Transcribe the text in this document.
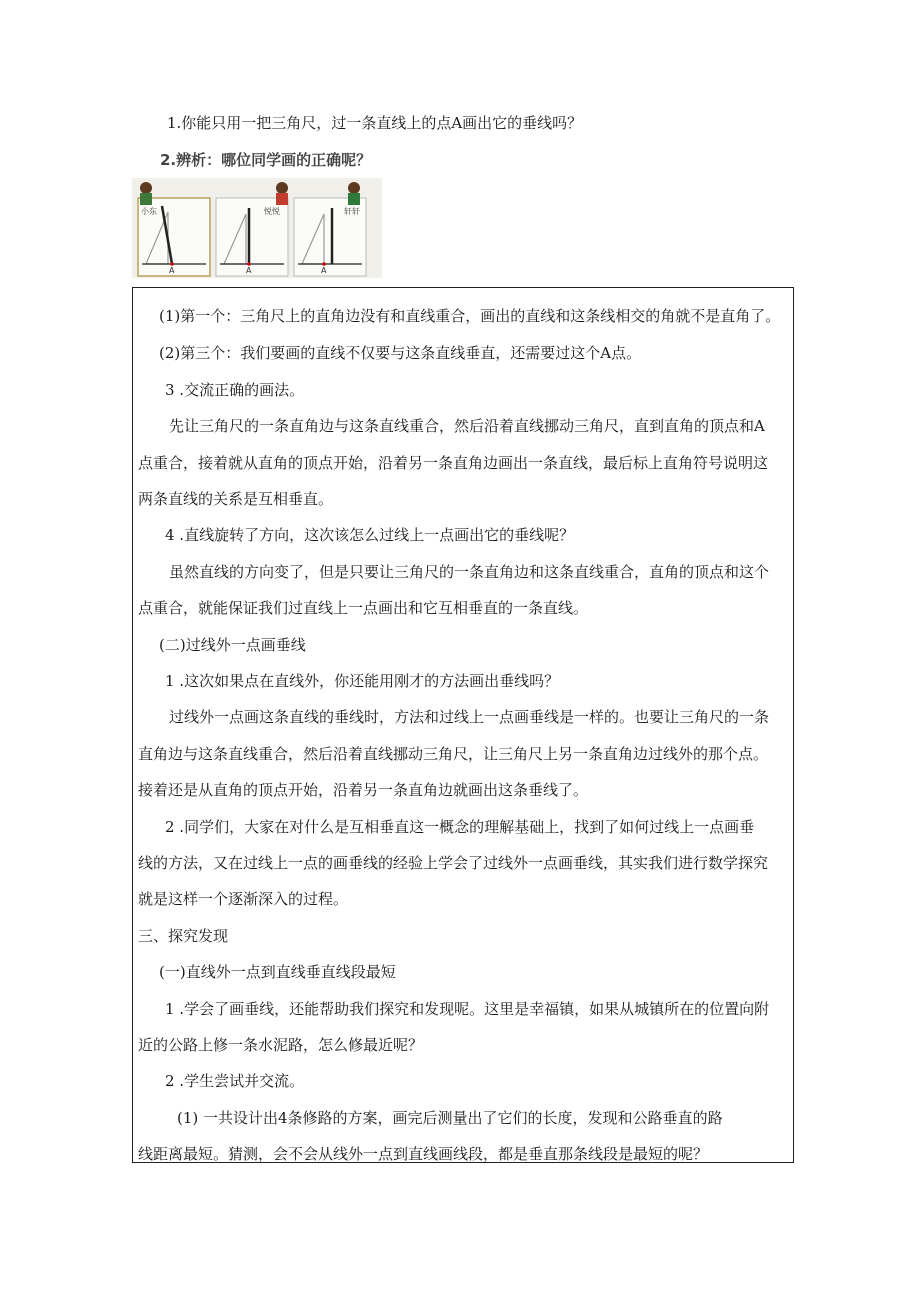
1.你能只用一把三角尺，过一条直线上的点A画出它的垂线吗？
2.辨析：哪位同学画的正确呢？
小东
A
悦悦
A
轩轩
A
(1)第一个：三角尺上的直角边没有和直线重合，画出的直线和这条线相交的角就不是直角了。
(2)第三个：我们要画的直线不仅要与这条直线垂直，还需要过这个A点。
3 .交流正确的画法。
先让三角尺的一条直角边与这条直线重合，然后沿着直线挪动三角尺，直到直角的顶点和A
点重合，接着就从直角的顶点开始，沿着另一条直角边画出一条直线，最后标上直角符号说明这
两条直线的关系是互相垂直。
4 .直线旋转了方向，这次该怎么过线上一点画出它的垂线呢？
虽然直线的方向变了，但是只要让三角尺的一条直角边和这条直线重合，直角的顶点和这个
点重合，就能保证我们过直线上一点画出和它互相垂直的一条直线。
(二)过线外一点画垂线
1 .这次如果点在直线外，你还能用刚才的方法画出垂线吗？
过线外一点画这条直线的垂线时，方法和过线上一点画垂线是一样的。也要让三角尺的一条
直角边与这条直线重合，然后沿着直线挪动三角尺，让三角尺上另一条直角边过线外的那个点。
接着还是从直角的顶点开始，沿着另一条直角边就画出这条垂线了。
2 .同学们，大家在对什么是互相垂直这一概念的理解基础上，找到了如何过线上一点画垂
线的方法，又在过线上一点的画垂线的经验上学会了过线外一点画垂线，其实我们进行数学探究
就是这样一个逐渐深入的过程。
三、探究发现
(一)直线外一点到直线垂直线段最短
1 .学会了画垂线，还能帮助我们探究和发现呢。这里是幸福镇，如果从城镇所在的位置向附
近的公路上修一条水泥路，怎么修最近呢？
2 .学生尝试并交流。
(1) 一共设计出4条修路的方案，画完后测量出了它们的长度，发现和公路垂直的路
线距离最短。猜测，会不会从线外一点到直线画线段，都是垂直那条线段是最短的呢？
